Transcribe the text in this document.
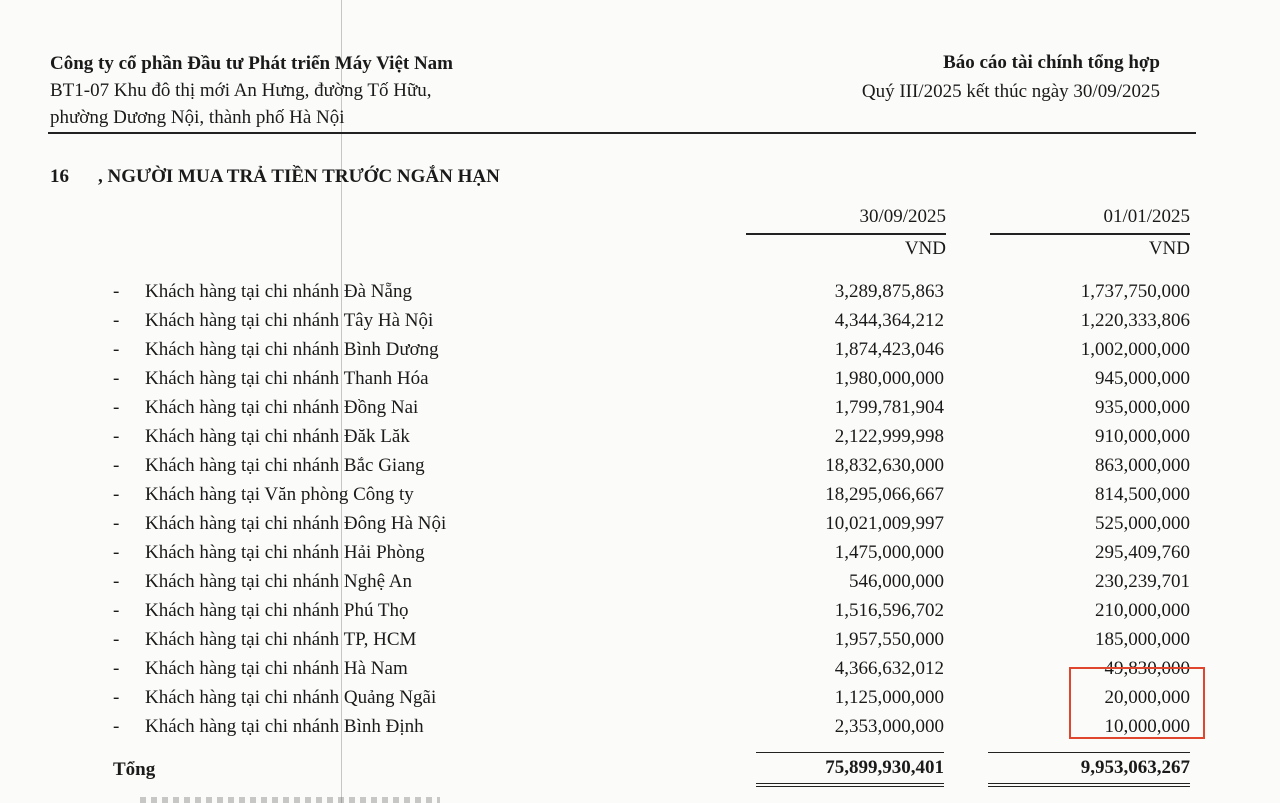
Công ty cổ phần Đầu tư Phát triển Máy Việt Nam
BT1-07 Khu đô thị mới An Hưng, đường Tố Hữu,
phường Dương Nội, thành phố Hà Nội
Báo cáo tài chính tổng hợp
Quý III/2025 kết thúc ngày 30/09/2025
16 , NGƯỜI MUA TRẢ TIỀN TRƯỚC NGẮN HẠN
30/09/2025
VND
01/01/2025
VND
- Khách hàng tại chi nhánh Đà Nẵng	3,289,875,863	1,737,750,000
- Khách hàng tại chi nhánh Tây Hà Nội	4,344,364,212	1,220,333,806
- Khách hàng tại chi nhánh Bình Dương	1,874,423,046	1,002,000,000
- Khách hàng tại chi nhánh Thanh Hóa	1,980,000,000	945,000,000
- Khách hàng tại chi nhánh Đồng Nai	1,799,781,904	935,000,000
- Khách hàng tại chi nhánh Đăk Lăk	2,122,999,998	910,000,000
- Khách hàng tại chi nhánh Bắc Giang	18,832,630,000	863,000,000
- Khách hàng tại Văn phòng Công ty	18,295,066,667	814,500,000
- Khách hàng tại chi nhánh Đông Hà Nội	10,021,009,997	525,000,000
- Khách hàng tại chi nhánh Hải Phòng	1,475,000,000	295,409,760
- Khách hàng tại chi nhánh Nghệ An	546,000,000	230,239,701
- Khách hàng tại chi nhánh Phú Thọ	1,516,596,702	210,000,000
- Khách hàng tại chi nhánh TP, HCM	1,957,550,000	185,000,000
- Khách hàng tại chi nhánh Hà Nam	4,366,632,012	49,830,000
- Khách hàng tại chi nhánh Quảng Ngãi	1,125,000,000	20,000,000
- Khách hàng tại chi nhánh Bình Định	2,353,000,000	10,000,000
Tổng	75,899,930,401	9,953,063,267
